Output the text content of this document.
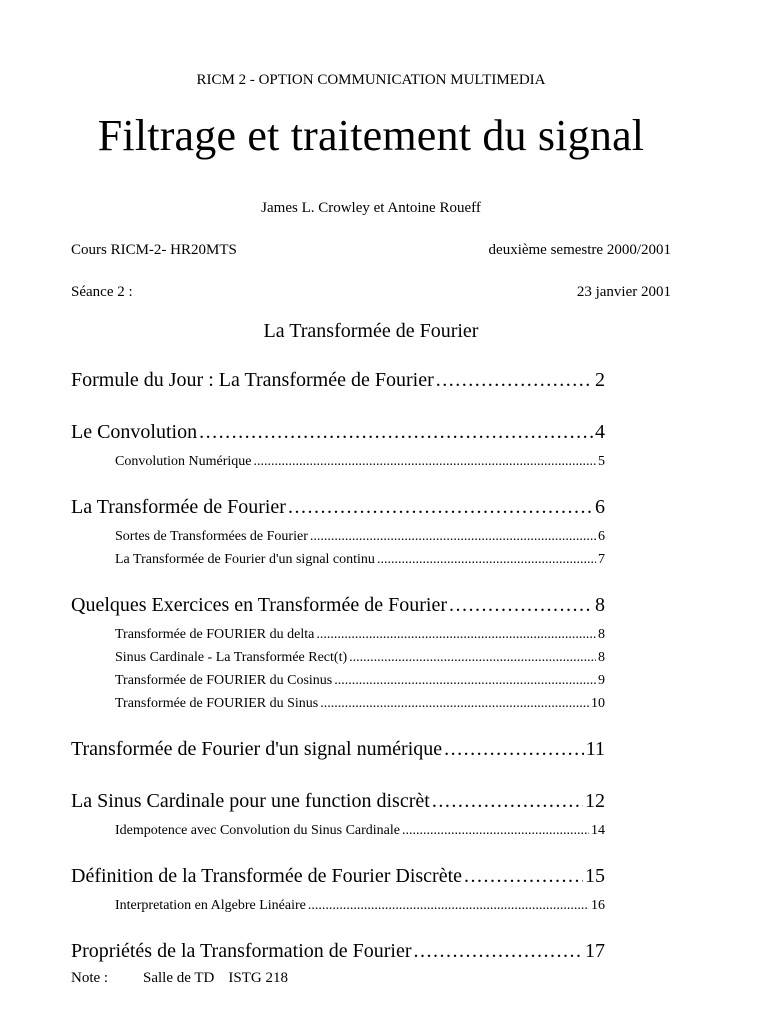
RICM 2 - OPTION COMMUNICATION MULTIMEDIA
Filtrage et traitement du signal
James L. Crowley et Antoine Roueff
Cours RICM-2- HR20MTS	deuxième semestre 2000/2001
Séance 2 :	23 janvier 2001
La Transformée de Fourier
Formule du Jour : La Transformée de Fourier .....	2
Le Convolution .....	4
Convolution Numérique .....	5
La Transformée de Fourier .....	6
Sortes de Transformées de Fourier .....	6
La Transformée de Fourier d'un signal continu .....	7
Quelques Exercices en Transformée de Fourier .....	8
Transformée de FOURIER du delta .....	8
Sinus Cardinale - La Transformée Rect(t) .....	8
Transformée de FOURIER du Cosinus .....	9
Transformée de FOURIER du Sinus .....	10
Transformée de Fourier d'un signal numérique .....	11
La Sinus Cardinale pour une function discrèt .....	12
Idempotence avec Convolution du Sinus Cardinale .....	14
Définition de la Transformée de Fourier Discrète .....	15
Interpretation en Algebre Linéaire .....	16
Propriétés de la Transformation de Fourier .....	17
Note :	Salle de TD ISTG 218
